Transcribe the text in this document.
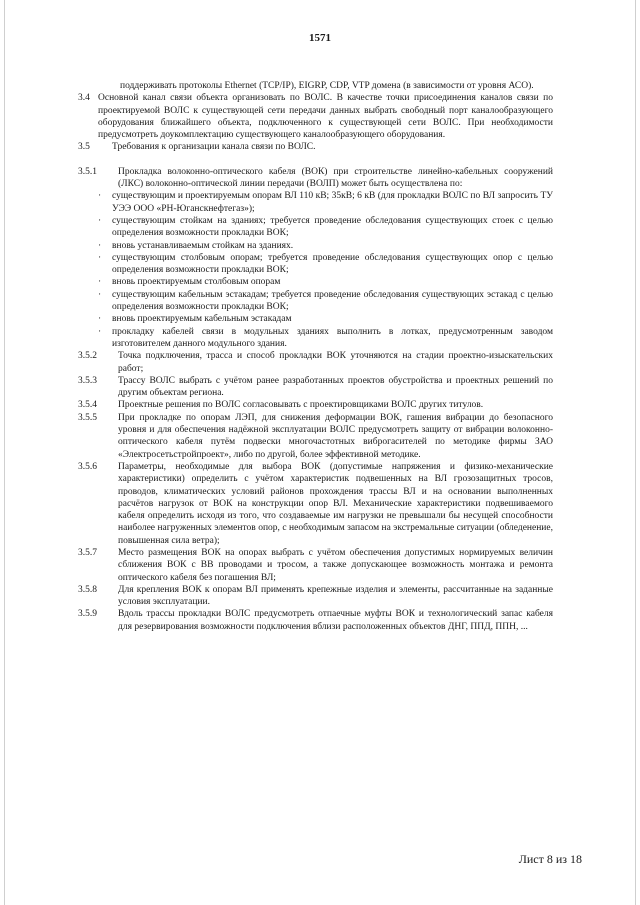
1571

поддерживать протоколы Ethernet (TCP/IP), EIGRP, CDP, VTP домена (в зависимости от уровня АСО).

3.4 Основной канал связи объекта организовать по ВОЛС. В качестве точки присоединения каналов связи по проектируемой ВОЛС к существующей сети передачи данных выбрать свободный порт каналообразующего оборудования ближайшего объекта, подключенного к существующей сети ВОЛС. При необходимости предусмотреть доукомплектацию существующего каналообразующего оборудования.
3.5	Требования к организации канала связи по ВОЛС.
3.5.1	Прокладка волоконно-оптического кабеля (ВОК) при строительстве линейно-кабельных сооружений (ЛКС) волоконно-оптической линии передачи (ВОЛП) может быть осуществлена по:
·	существующим и проектируемым опорам ВЛ 110 кВ; 35кВ; 6 кВ (для прокладки ВОЛС по ВЛ запросить ТУ УЭЭ ООО «РН-Юганскнефтегаз»);
·	существующим стойкам на зданиях; требуется проведение обследования существующих стоек с целью определения возможности прокладки ВОК;
·	вновь устанавливаемым стойкам на зданиях.
·	существующим столбовым опорам; требуется проведение обследования существующих опор с целью определения возможности прокладки ВОК;
·	вновь проектируемым столбовым опорам
·	существующим кабельным эстакадам; требуется проведение обследования существующих эстакад с целью определения возможности прокладки ВОК;
·	вновь проектируемым кабельным эстакадам
·	прокладку кабелей связи в модульных зданиях выполнить в лотках, предусмотренным заводом изготовителем данного модульного здания.
3.5.2	Точка подключения, трасса и способ прокладки ВОК уточняются на стадии проектно-изыскательских работ;
3.5.3	Трассу ВОЛС выбрать с учётом ранее разработанных проектов обустройства и проектных решений по другим объектам региона.
3.5.4	Проектные решения по ВОЛС согласовывать с проектировщиками ВОЛС других титулов.
3.5.5	При прокладке по опорам ЛЭП, для снижения деформации ВОК, гашения вибрации до безопасного уровня и для обеспечения надёжной эксплуатации ВОЛС предусмотреть защиту от вибрации волоконно-оптического кабеля путём подвески многочастотных виброгасителей по методике фирмы ЗАО «Электросетьстройпроект», либо по другой, более эффективной методике.
3.5.6	Параметры, необходимые для выбора ВОК (допустимые напряжения и физико-механические характеристики) определить с учётом характеристик подвешенных на ВЛ грозозащитных тросов, проводов, климатических условий районов прохождения трассы ВЛ и на основании выполненных расчётов нагрузок от ВОК на конструкции опор ВЛ. Механические характеристики подвешиваемого кабеля определить исходя из того, что создаваемые им нагрузки не превышали бы несущей способности наиболее нагруженных элементов опор, с необходимым запасом на экстремальные ситуации (обледенение, повышенная сила ветра);
3.5.7	Место размещения ВОК на опорах выбрать с учётом обеспечения допустимых нормируемых величин сближения ВОК с ВВ проводами и тросом, а также допускающее возможность монтажа и ремонта оптического кабеля без погашения ВЛ;
3.5.8	Для крепления ВОК к опорам ВЛ применять крепежные изделия и элементы, рассчитанные на заданные условия эксплуатации.
3.5.9	Вдоль трассы прокладки ВОЛС предусмотреть отпаечные муфты ВОК и технологический запас кабеля для резервирования возможности подключения вблизи расположенных объектов ДНГ, ППД, ППН, ...
Лист 8 из 18
